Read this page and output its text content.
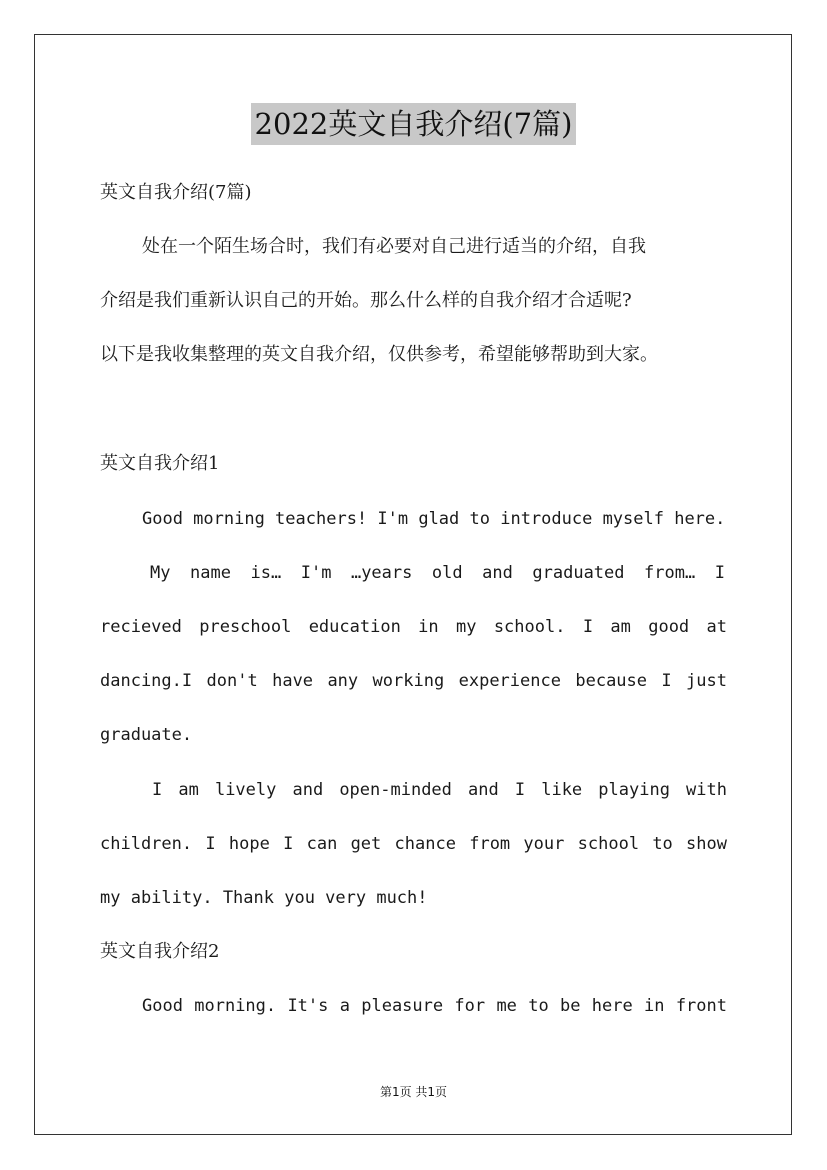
2022英文自我介绍(7篇)
英文自我介绍(7篇)
处在一个陌生场合时，我们有必要对自己进行适当的介绍，自我
介绍是我们重新认识自己的开始。那么什么样的自我介绍才合适呢?
以下是我收集整理的英文自我介绍，仅供参考，希望能够帮助到大家。
英文自我介绍1
Good morning teachers! I'm glad to introduce myself here.
My name is… I'm …years old and graduated from… I
recieved preschool education in my school. I am good at
dancing.I don't have any working experience because I just
graduate.
I am lively and open-minded and I like playing with
children. I hope I can get chance from your school to show
my ability. Thank you very much!
英文自我介绍2
Good morning. It's a pleasure for me to be here in front
第1页 共1页
